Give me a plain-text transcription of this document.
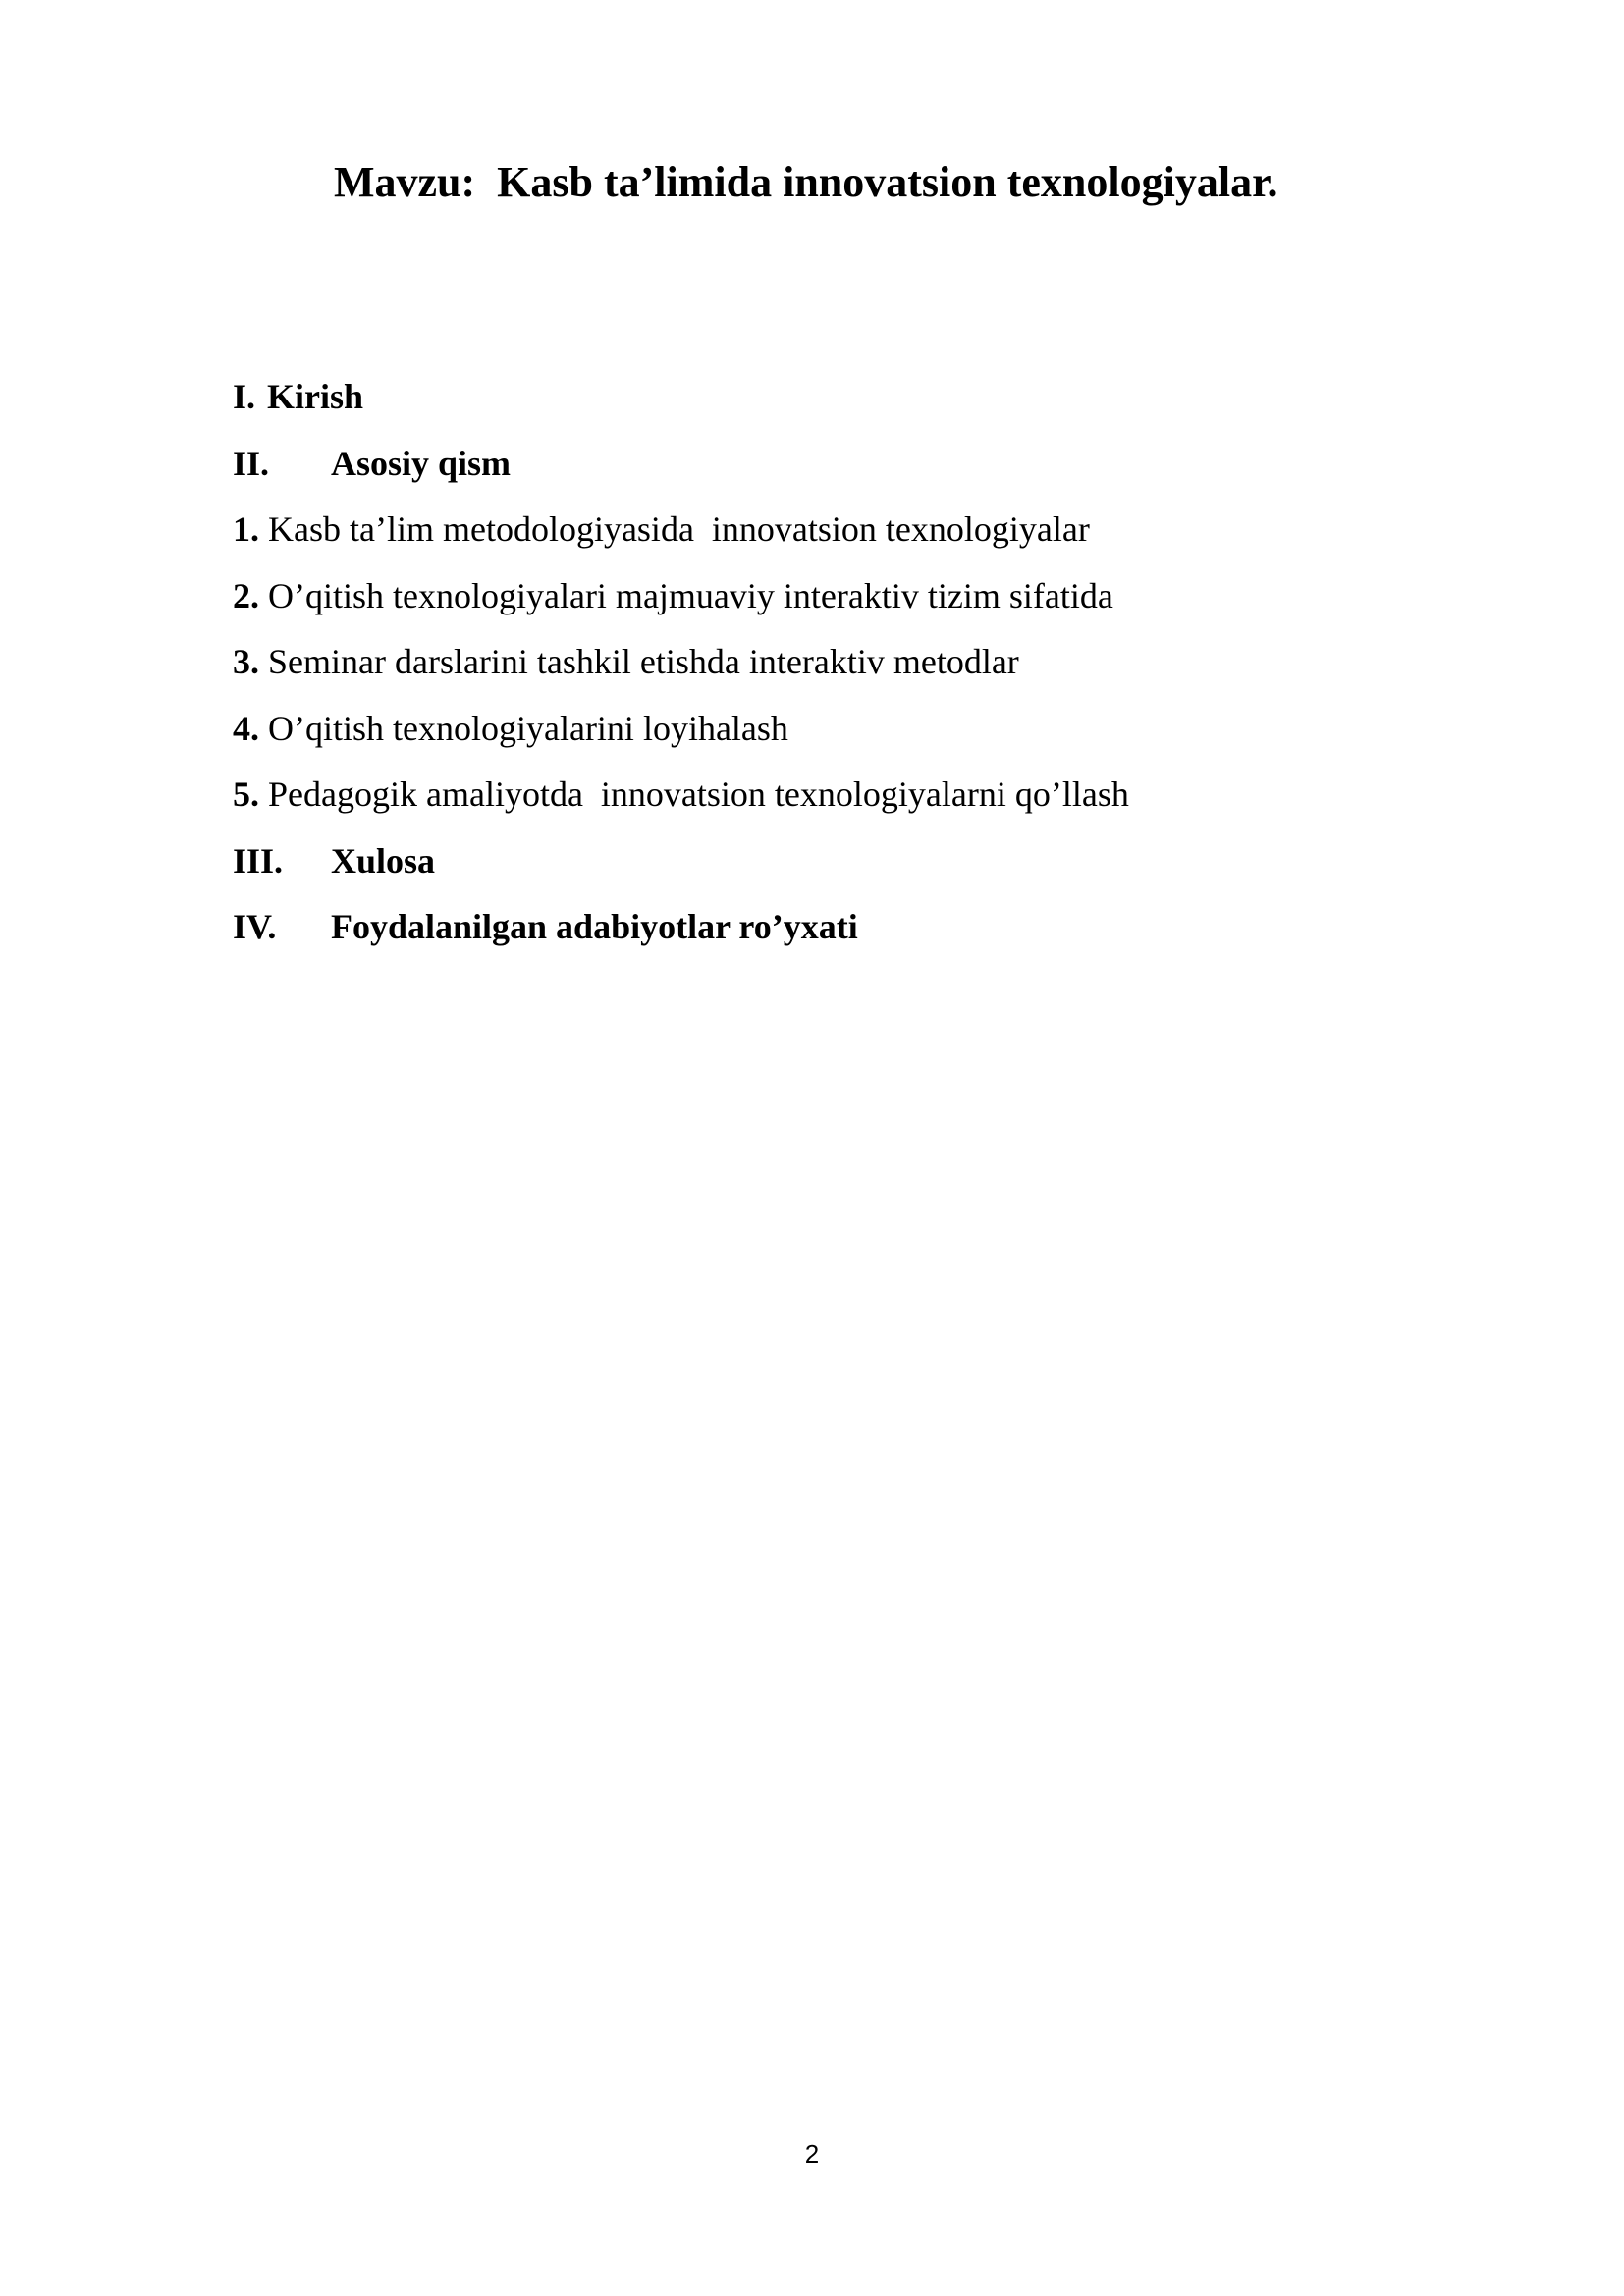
Mavzu:  Kasb ta’limida innovatsion texnologiyalar.
I. Kirish
II.	Asosiy qism
1. Kasb ta’lim metodologiyasida  innovatsion texnologiyalar
2. O’qitish texnologiyalari majmuaviy interaktiv tizim sifatida
3. Seminar darslarini tashkil etishda interaktiv metodlar
4. O’qitish texnologiyalarini loyihalash
5. Pedagogik amaliyotda  innovatsion texnologiyalarni qo’llash
III.	Xulosa
IV.	Foydalanilgan adabiyotlar ro’yxati
2
